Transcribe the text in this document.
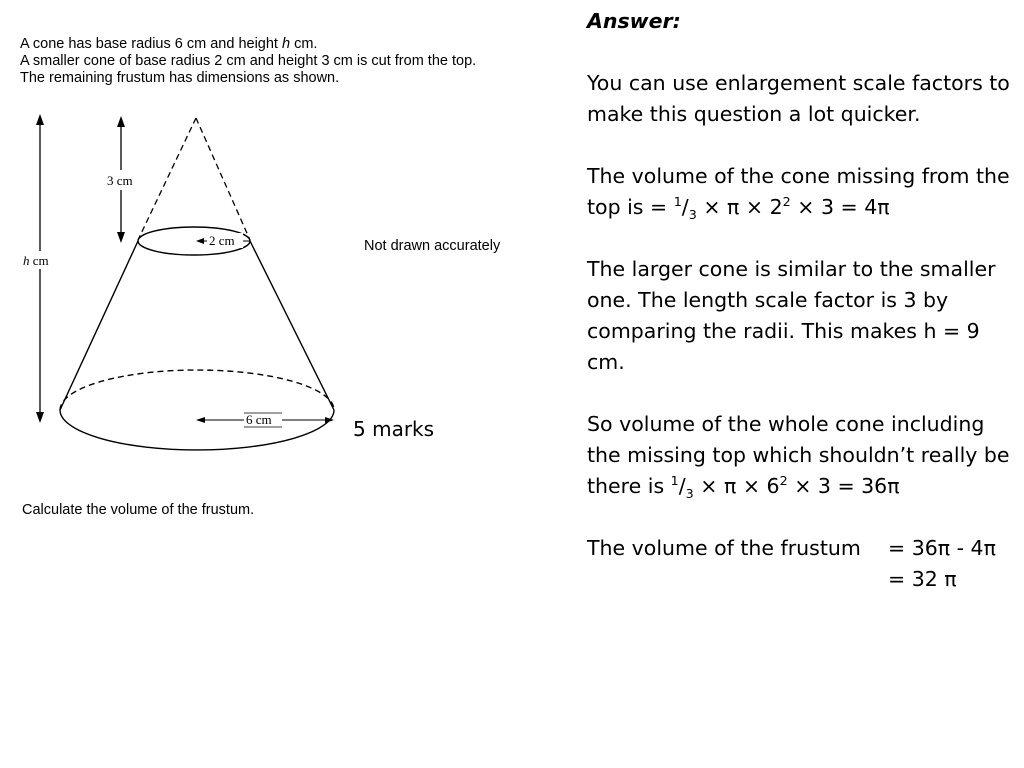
A cone has base radius 6 cm and height h cm.
A smaller cone of base radius 2 cm and height 3 cm is cut from the top.
The remaining frustum has dimensions as shown.
3 cm
h cm
2 cm
6 cm
Not drawn accurately
5 marks
Calculate the volume of the frustum.

Answer:

You can use enlargement scale factors to make this question a lot quicker.

The volume of the cone missing from the top is = $^1/_3 \times \pi \times 2^2 \times 3 = 4\pi$

The larger cone is similar to the smaller one. The length scale factor is 3 by comparing the radii. This makes h = 9 cm.

So volume of the whole cone including the missing top which shouldn’t really be there is $^1/_3 \times \pi \times 6^2 \times 3 = 36\pi$

The volume of the frustum = 36π - 4π

= 32 π
